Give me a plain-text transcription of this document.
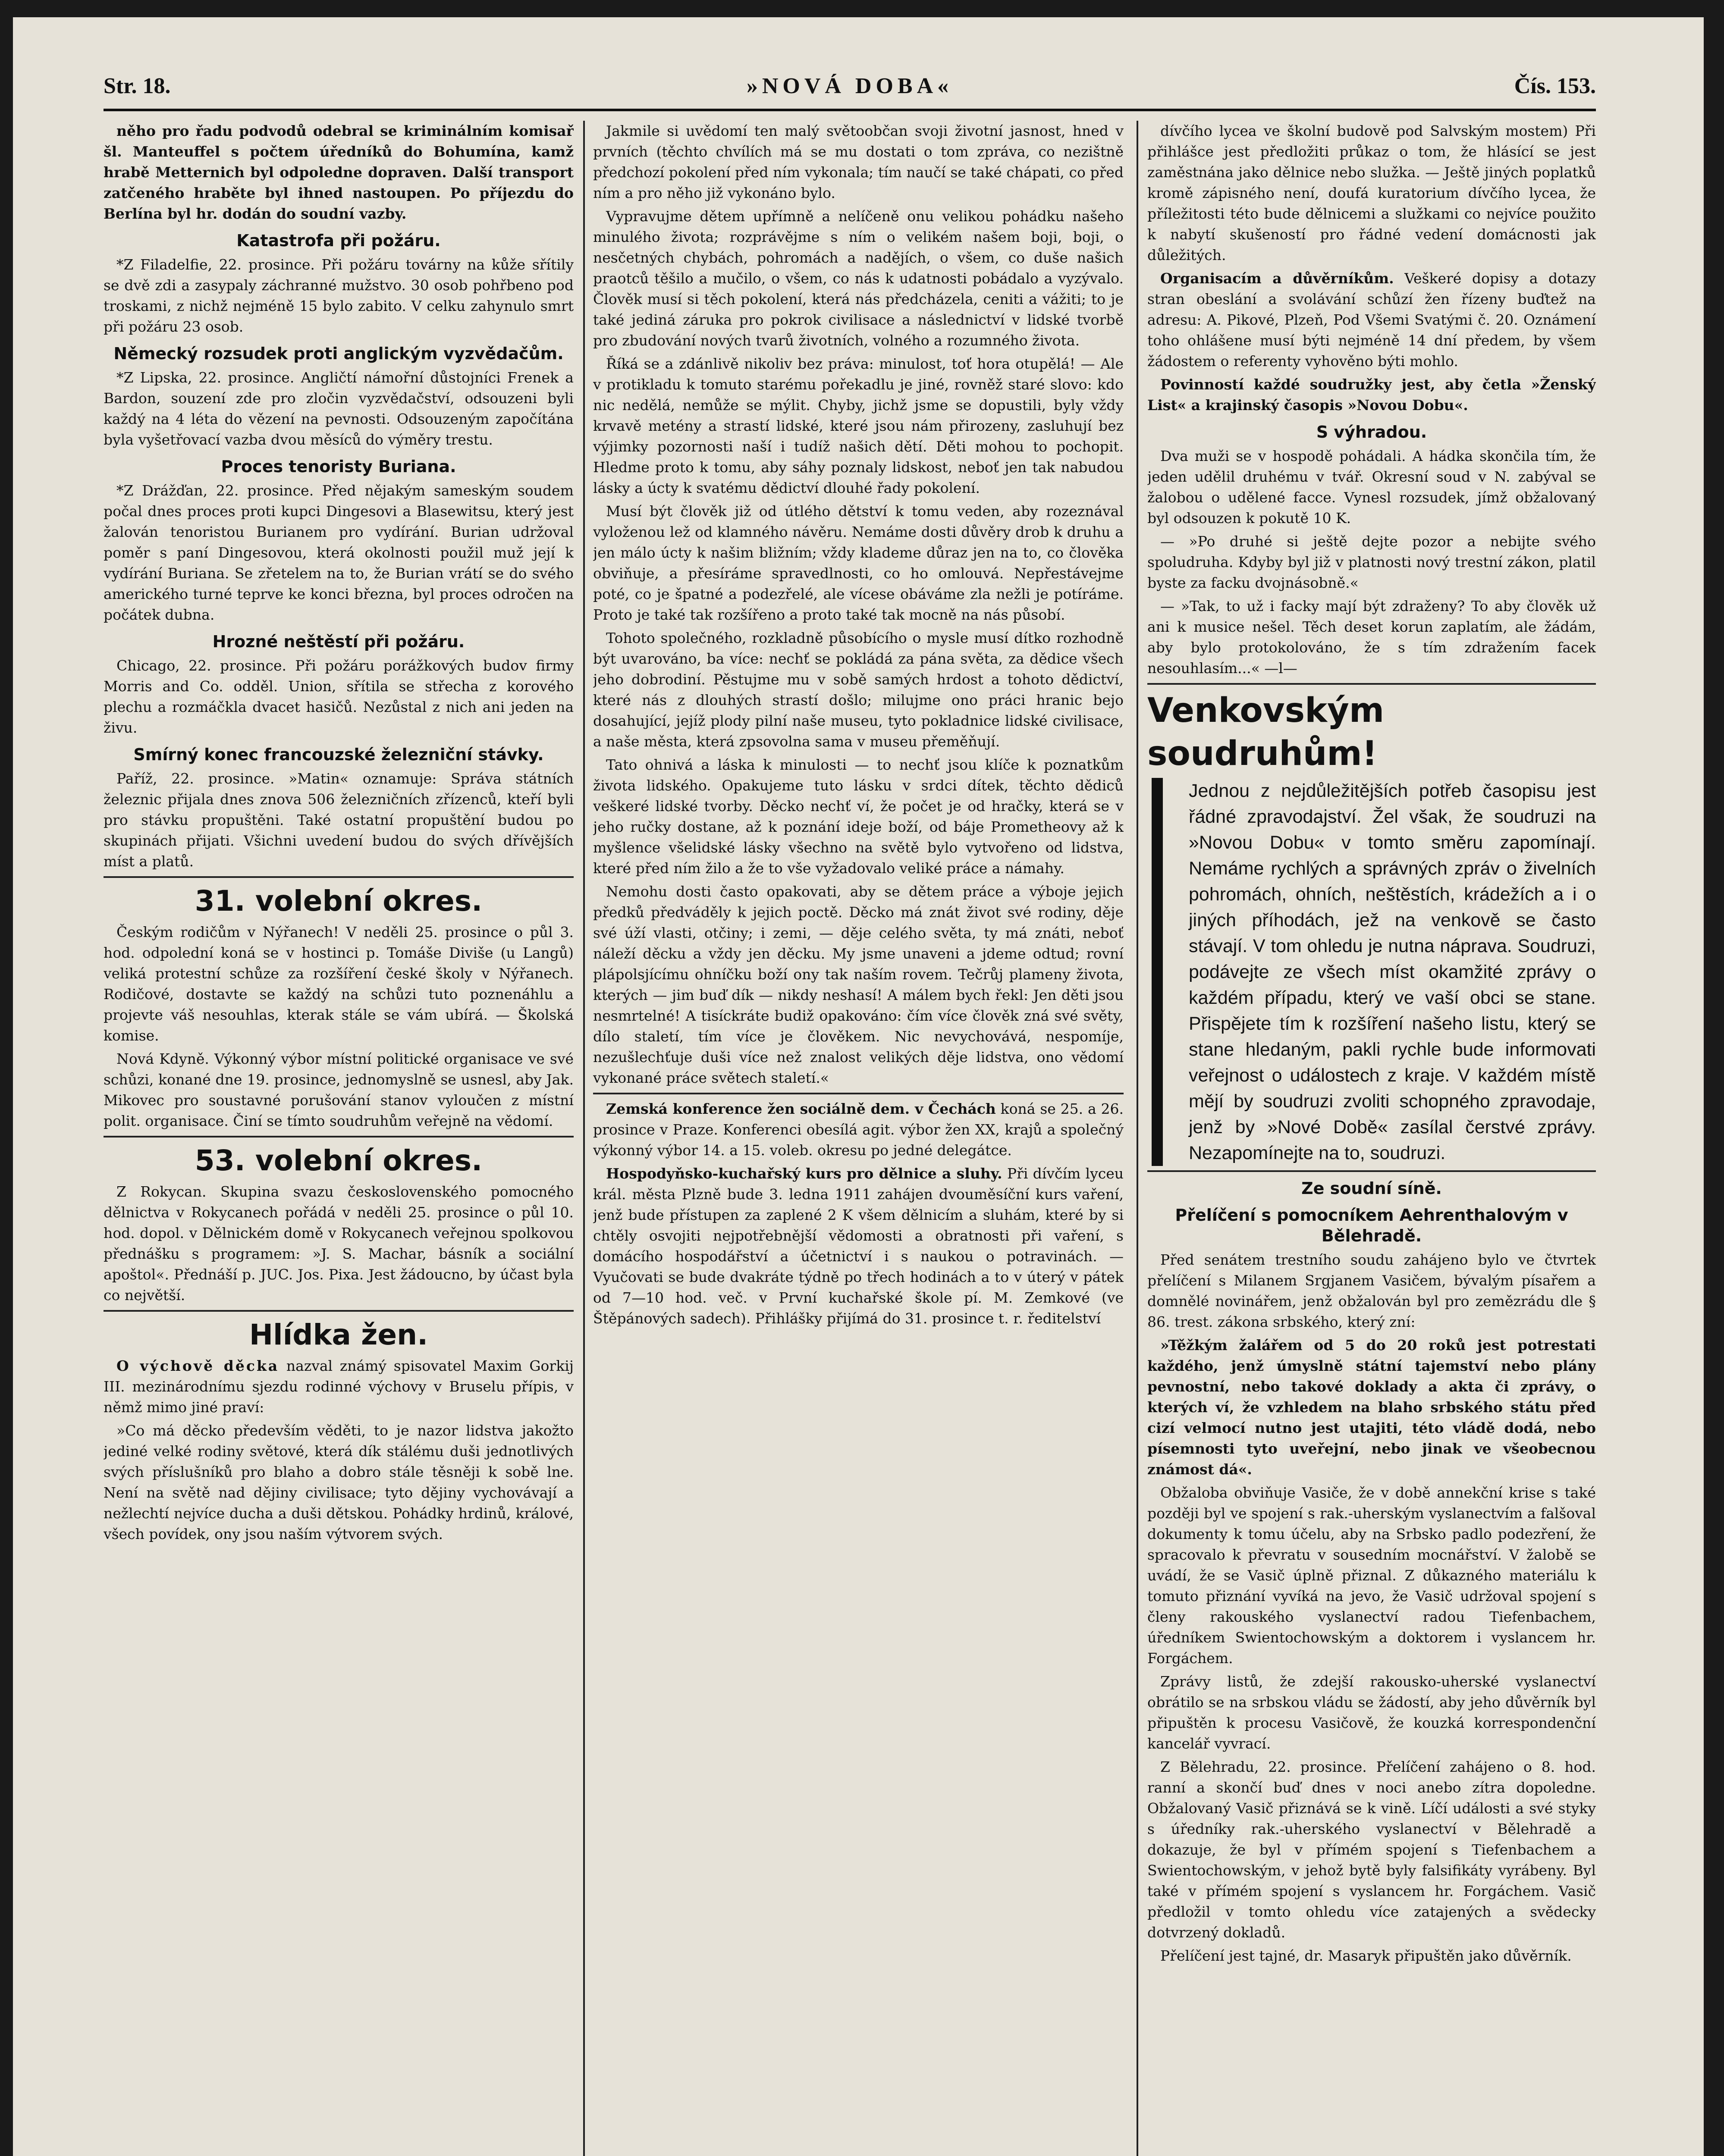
Str. 18.	»NOVÁ DOBA«	Čís. 153.

něho pro řadu podvodů odebral se kriminálním komisař šl. Manteuffel s počtem úředníků do Bohumína, kamž hrabě Metternich byl odpoledne dopraven. Další transport zatčeného hraběte byl ihned nastoupen. Po příjezdu do Berlína byl hr. dodán do soudní vazby.

Katastrofa při požáru.

*Z Filadelfie, 22. prosince. Při požáru továrny na kůže sřítily se dvě zdi a zasypaly záchranné mužstvo. 30 osob pohřbeno pod troskami, z nichž nejméně 15 bylo zabito. V celku zahynulo smrt při požáru 23 osob.

Německý rozsudek proti anglickým vyzvědačům.

*Z Lipska, 22. prosince. Angličtí námořní důstojníci Frenek a Bardon, souzení zde pro zločin vyzvědačství, odsouzeni byli každý na 4 léta do vězení na pevnosti. Odsouzeným započítána byla vyšetřovací vazba dvou měsíců do výměry trestu.

Proces tenoristy Buriana.

*Z Drážďan, 22. prosince. Před nějakým sameským soudem počal dnes proces proti kupci Dingesovi a Blasewitsu, který jest žalován tenoristou Burianem pro vydírání. Burian udržoval poměr s paní Dingesovou, která okolnosti použil muž její k vydírání Buriana. Se zřetelem na to, že Burian vrátí se do svého amerického turné teprve ke konci března, byl proces odročen na počátek dubna.

Hrozné neštěstí při požáru.

Chicago, 22. prosince. Při požáru porážkových budov firmy Morris and Co. odděl. Union, sřítila se střecha z korového plechu a rozmáčkla dvacet hasičů. Nezůstal z nich ani jeden na živu.

Smírný konec francouzské železniční stávky.

Paříž, 22. prosince. »Matin« oznamuje: Správa státních železnic přijala dnes znova 506 železničních zřízenců, kteří byli pro stávku propuštěni. Také ostatní propuštění budou po skupinách přijati. Všichni uvedení budou do svých dřívějších míst a platů.

31. volební okres.

Českým rodičům v Nýřanech! V neděli 25. prosince o půl 3. hod. odpolední koná se v hostinci p. Tomáše Diviše (u Langů) veliká protestní schůze za rozšíření české školy v Nýřanech. Rodičové, dostavte se každý na schůzi tuto poznenáhlu a projevte váš nesouhlas, kterak stále se vám ubírá. — Školská komise.

Nová Kdyně. Výkonný výbor místní politické organisace ve své schůzi, konané dne 19. prosince, jednomyslně se usnesl, aby Jak. Mikovec pro soustavné porušování stanov vyloučen z místní polit. organisace. Činí se tímto soudruhům veřejně na vědomí.

53. volební okres.

Z Rokycan. Skupina svazu československého pomocného dělnictva v Rokycanech pořádá v neděli 25. prosince o půl 10. hod. dopol. v Dělnickém domě v Rokycanech veřejnou spolkovou přednášku s programem: »J. S. Machar, básník a sociální apoštol«. Přednáší p. JUC. Jos. Pixa. Jest žádoucno, by účast byla co největší.

Hlídka žen.

O výchově děcka nazval známý spisovatel Maxim Gorkij III. mezinárodnímu sjezdu rodinné výchovy v Bruselu přípis, v němž mimo jiné praví:

»Co má děcko především věděti, to je nazor lidstva jakožto jediné velké rodiny světové, která dík stálému duši jednotlivých svých příslušníků pro blaho a dobro stále těsněji k sobě lne. Není na světě nad dějiny civilisace; tyto dějiny vychovávají a nežlechtí nejvíce ducha a duši dětskou. Pohádky hrdinů, králové, všech povídek, ony jsou naším výtvorem svých.

Jakmile si uvědomí ten malý světoobčan svoji životní jasnost, hned v prvních (těchto chvílích má se mu dostati o tom zpráva, co nezištně předchozí pokolení před ním vykonala; tím naučí se také chápati, co před ním a pro něho již vykonáno bylo.

Vypravujme dětem upřímně a nelíčeně onu velikou pohádku našeho minulého života; rozprávějme s ním o velikém našem boji, boji, o nesčetných chybách, pohromách a nadějích, o všem, co duše našich praotců těšilo a mučilo, o všem, co nás k udatnosti pobádalo a vyzývalo. Člověk musí si těch pokolení, která nás předcházela, ceniti a vážiti; to je také jediná záruka pro pokrok civilisace a následnictví v lidské tvorbě pro zbudování nových tvarů životních, volného a rozumného života.

Říká se a zdánlivě nikoliv bez práva: minulost, toť hora otupělá! — Ale v protikladu k tomuto starému pořekadlu je jiné, rovněž staré slovo: kdo nic nedělá, nemůže se mýlit. Chyby, jichž jsme se dopustili, byly vždy krvavě metény a strastí lidské, které jsou nám přirozeny, zasluhují bez výjimky pozornosti naší i tudíž našich dětí. Děti mohou to pochopit. Hledme proto k tomu, aby sáhy poznaly lidskost, neboť jen tak nabudou lásky a úcty k svatému dědictví dlouhé řady pokolení.

Musí být člověk již od útlého dětství k tomu veden, aby rozeznával vyloženou lež od klamného návěru. Nemáme dosti důvěry drob k druhu a jen málo úcty k našim bližním; vždy klademe důraz jen na to, co člověka obviňuje, a přesíráme spravedlnosti, co ho omlouvá. Nepřestávejme poté, co je špatné a podezřelé, ale vícese obáváme zla nežli je potíráme. Proto je také tak rozšířeno a proto také tak mocně na nás působí.

Tohoto společného, rozkladně působícího o mysle musí dítko rozhodně být uvarováno, ba více: nechť se pokládá za pána světa, za dědice všech jeho dobrodiní. Pěstujme mu v sobě samých hrdost a tohoto dědictví, které nás z dlouhých strastí došlo; milujme ono práci hranic bejo dosahující, jejíž plody pilní naše museu, tyto pokladnice lidské civilisace, a naše města, která zpsovolna sama v museu přeměňují.

Tato ohnivá a láska k minulosti — to nechť jsou klíče k poznatkům života lidského. Opakujeme tuto lásku v srdci dítek, těchto dědiců veškeré lidské tvorby. Děcko nechť ví, že počet je od hračky, která se v jeho ručky dostane, až k poznání ideje boží, od báje Prometheovy až k myšlence všelidské lásky všechno na světě bylo vytvořeno od lidstva, které před ním žilo a že to vše vyžadovalo veliké práce a námahy.

Nemohu dosti často opakovati, aby se dětem práce a výboje jejich předků předváděly k jejich poctě. Děcko má znát život své rodiny, děje své úží vlasti, otčiny; i zemi, — děje celého světa, ty má znáti, neboť náleží děcku a vždy jen děcku. My jsme unaveni a jdeme odtud; rovní plápolsjícímu ohníčku boží ony tak naším rovem. Tečrůj plameny života, kterých — jim buď dík — nikdy neshasí! A málem bych řekl: Jen děti jsou nesmrtelné! A tisíckráte budiž opakováno: čím více člověk zná své světy, dílo staletí, tím více je člověkem. Nic nevychovává, nespomíje, nezušlechťuje duši více než znalost velikých děje lidstva, ono vědomí vykonané práce světech staletí.«

Zemská konference žen sociálně dem. v Čechách koná se 25. a 26. prosince v Praze. Konferenci obesílá agit. výbor žen XX, krajů a společný výkonný výbor 14. a 15. voleb. okresu po jedné delegátce.

Hospodyňsko-kuchařský kurs pro dělnice a sluhy. Při dívčím lyceu král. města Plzně bude 3. ledna 1911 zahájen dvouměsíční kurs vaření, jenž bude přístupen za zaplené 2 K všem dělnicím a sluhám, které by si chtěly osvojiti nejpotřebnější vědomosti a obratnosti při vaření, s domácího hospodářství a účetnictví i s naukou o potravinách. — Vyučovati se bude dvakráte týdně po třech hodinách a to v úterý v pátek od 7—10 hod. več. v První kuchařské škole pí. M. Zemkové (ve Štěpánových sadech). Přihlášky přijímá do 31. prosince t. r. ředitelství

dívčího lycea ve školní budově pod Salvským mostem) Při přihlášce jest předložiti průkaz o tom, že hlásící se jest zaměstnána jako dělnice nebo služka. — Ještě jiných poplatků kromě zápisného není, doufá kuratorium dívčího lycea, že příležitosti této bude dělnicemi a služkami co nejvíce použito k nabytí skušeností pro řádné vedení domácnosti jak důležitých.

Organisacím a důvěrníkům. Veškeré dopisy a dotazy stran obeslání a svolávání schůzí žen řízeny buďtež na adresu: A. Pikové, Plzeň, Pod Všemi Svatými č. 20. Oznámení toho ohlášene musí býti nejméně 14 dní předem, by všem žádostem o referenty vyhověno býti mohlo.

Povinností každé soudružky jest, aby četla »Ženský List« a krajinský časopis »Novou Dobu«.

S výhradou.

Dva muži se v hospodě pohádali. A hádka skončila tím, že jeden udělil druhému v tvář. Okresní soud v N. zabýval se žalobou o udělené facce. Vynesl rozsudek, jímž obžalovaný byl odsouzen k pokutě 10 K.

— »Po druhé si ještě dejte pozor a nebijte svého spoludruha. Kdyby byl již v platnosti nový trestní zákon, platil byste za facku dvojnásobně.«

— »Tak, to už i facky mají být zdraženy? To aby člověk už ani k musice nešel. Těch deset korun zaplatím, ale žádám, aby bylo protokolováno, že s tím zdražením facek nesouhlasím...« —l—

Venkovským soudruhům!

Jednou z nejdůležitějších potřeb časopisu jest řádné zpravodajství. Žel však, že soudruzi na »Novou Dobu« v tomto směru zapomínají. Nemáme rychlých a správných zpráv o živelních pohromách, ohních, neštěstích, krádežích a i o jiných příhodách, jež na venkově se často stávají. V tom ohledu je nutna náprava. Soudruzi, podávejte ze všech míst okamžité zprávy o každém případu, který ve vaší obci se stane. Přispějete tím k rozšíření našeho listu, který se stane hledaným, pakli rychle bude informovati veřejnost o událostech z kraje. V každém místě mějí by soudruzi zvoliti schopného zpravodaje, jenž by »Nové Době« zasílal čerstvé zprávy. Nezapomínejte na to, soudruzi.

Ze soudní síně.
Přelíčení s pomocníkem Aehrenthalovým v Bělehradě.

Před senátem trestního soudu zahájeno bylo ve čtvrtek přelíčení s Milanem Srgjanem Vasičem, bývalým písařem a domnělé novinářem, jenž obžalován byl pro zemězrádu dle § 86. trest. zákona srbského, který zní:

»Těžkým žalářem od 5 do 20 roků jest potrestati každého, jenž úmyslně státní tajemství nebo plány pevnostní, nebo takové doklady a akta či zprávy, o kterých ví, že vzhledem na blaho srbského státu před cizí velmocí nutno jest utajiti, této vládě dodá, nebo písemnosti tyto uveřejní, nebo jinak ve všeobecnou známost dá«.

Obžaloba obviňuje Vasiče, že v době annekční krise s také později byl ve spojení s rak.-uherským vyslanectvím a falšoval dokumenty k tomu účelu, aby na Srbsko padlo podezření, že spracovalo k převratu v sousedním mocnářství. V žalobě se uvádí, že se Vasič úplně přiznal. Z důkazného materiálu k tomuto přiznání vyvíká na jevo, že Vasič udržoval spojení s členy rakouského vyslanectví radou Tiefenbachem, úředníkem Swientochowským a doktorem i vyslancem hr. Forgáchem.

Zprávy listů, že zdejší rakousko-uherské vyslanectví obrátilo se na srbskou vládu se žádostí, aby jeho důvěrník byl připuštěn k procesu Vasičově, že kouzká korrespondenční kancelář vyvrací.

Z Bělehradu, 22. prosince. Přelíčení zahájeno o 8. hod. ranní a skončí buď dnes v noci anebo zítra dopoledne. Obžalovaný Vasič přiznává se k vině. Líčí události a své styky s úředníky rak.-uherského vyslanectví v Bělehradě a dokazuje, že byl v přímém spojení s Tiefenbachem a Swientochowským, v jehož bytě byly falsifikáty vyrábeny. Byl také v přímém spojení s vyslancem hr. Forgáchem. Vasič předložil v tomto ohledu více zatajených a svědecky dotvrzený dokladů.

Přelíčení jest tajné, dr. Masaryk připuštěn jako důvěrník.
